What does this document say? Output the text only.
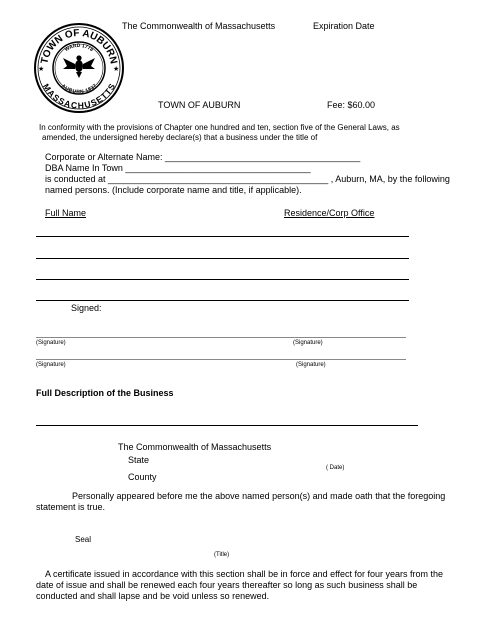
The Commonwealth of Massachusetts	Expiration Date
TOWN OF AUBURN
MASSACHUSETTS
WARD 1778
AUBURN 1837
★	★
TOWN OF AUBURN	Fee: $60.00
In conformity with the provisions of Chapter one hundred and ten, section five of the General Laws, as
amended, the undersigned hereby declare(s) that a business under the title of
Corporate or Alternate Name: _______________________________________
DBA Name In Town _____________________________________
is conducted at ____________________________________________ , Auburn, MA, by the following
named persons. (Include corporate name and title, if applicable).
Full Name	Residence/Corp Office
Signed:
(Signature)	(Signature)
(Signature)	(Signature)
Full Description of the Business
The Commonwealth of Massachusetts
State
( Date)
County
Personally appeared before me the above named person(s) and made oath that the foregoing
statement is true.
Seal
(Title)
A certificate issued in accordance with this section shall be in force and effect for four years from the
date of issue and shall be renewed each four years thereafter so long as such business shall be
conducted and shall lapse and be void unless so renewed.
